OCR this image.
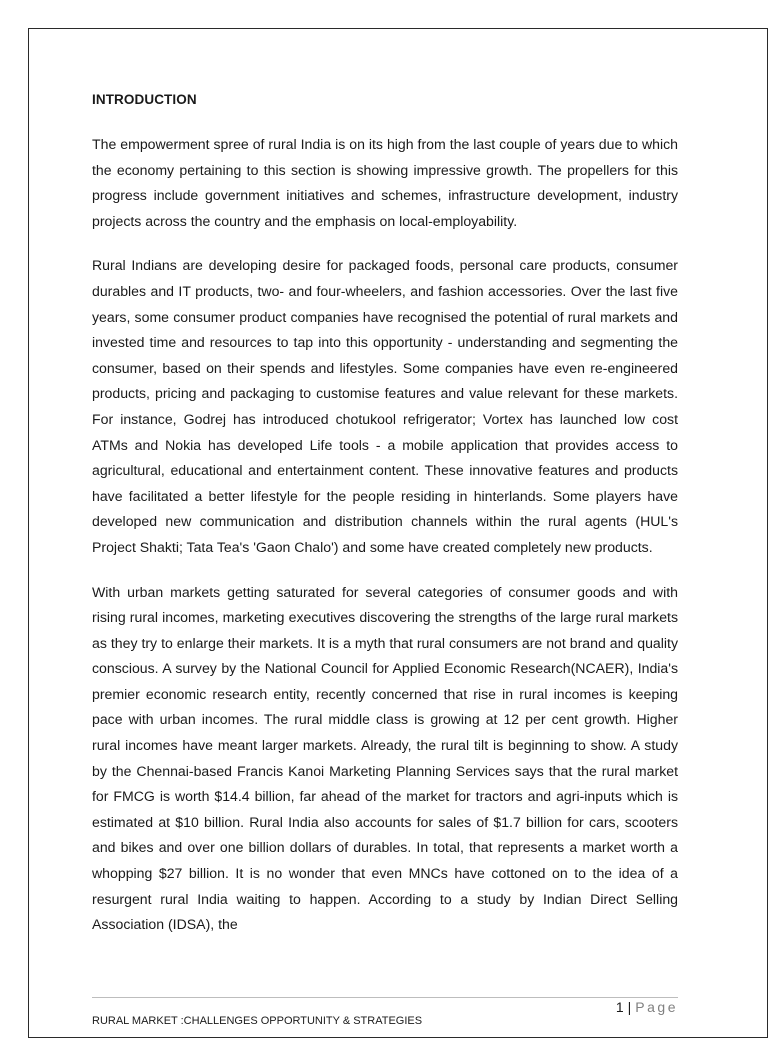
INTRODUCTION

The empowerment spree of rural India is on its high from the last couple of years due to which the economy pertaining to this section is showing impressive growth. The propellers for this progress include government initiatives and schemes, infrastructure development, industry projects across the country and the emphasis on local-employability.

Rural Indians are developing desire for packaged foods, personal care products, consumer durables and IT products, two- and four-wheelers, and fashion accessories. Over the last five years, some consumer product companies have recognised the potential of rural markets and invested time and resources to tap into this opportunity - understanding and segmenting the consumer, based on their spends and lifestyles. Some companies have even re-engineered products, pricing and packaging to customise features and value relevant for these markets. For instance, Godrej has introduced chotukool refrigerator; Vortex has launched low cost ATMs and Nokia has developed Life tools - a mobile application that provides access to agricultural, educational and entertainment content. These innovative features and products have facilitated a better lifestyle for the people residing in hinterlands. Some players have developed new communication and distribution channels within the rural agents (HUL's Project Shakti; Tata Tea's 'Gaon Chalo') and some have created completely new products.

With urban markets getting saturated for several categories of consumer goods and with rising rural incomes, marketing executives discovering the strengths of the large rural markets as they try to enlarge their markets. It is a myth that rural consumers are not brand and quality conscious. A survey by the National Council for Applied Economic Research(NCAER), India's premier economic research entity, recently concerned that rise in rural incomes is keeping pace with urban incomes. The rural middle class is growing at 12 per cent growth. Higher rural incomes have meant larger markets. Already, the rural tilt is beginning to show. A study by the Chennai-based Francis Kanoi Marketing Planning Services says that the rural market for FMCG is worth $14.4 billion, far ahead of the market for tractors and agri-inputs which is estimated at $10 billion. Rural India also accounts for sales of $1.7 billion for cars, scooters and bikes and over one billion dollars of durables. In total, that represents a market worth a whopping $27 billion. It is no wonder that even MNCs have cottoned on to the idea of a resurgent rural India waiting to happen. According to a study by Indian Direct Selling Association (IDSA), the

1 | Page
RURAL MARKET :CHALLENGES OPPORTUNITY & STRATEGIES
